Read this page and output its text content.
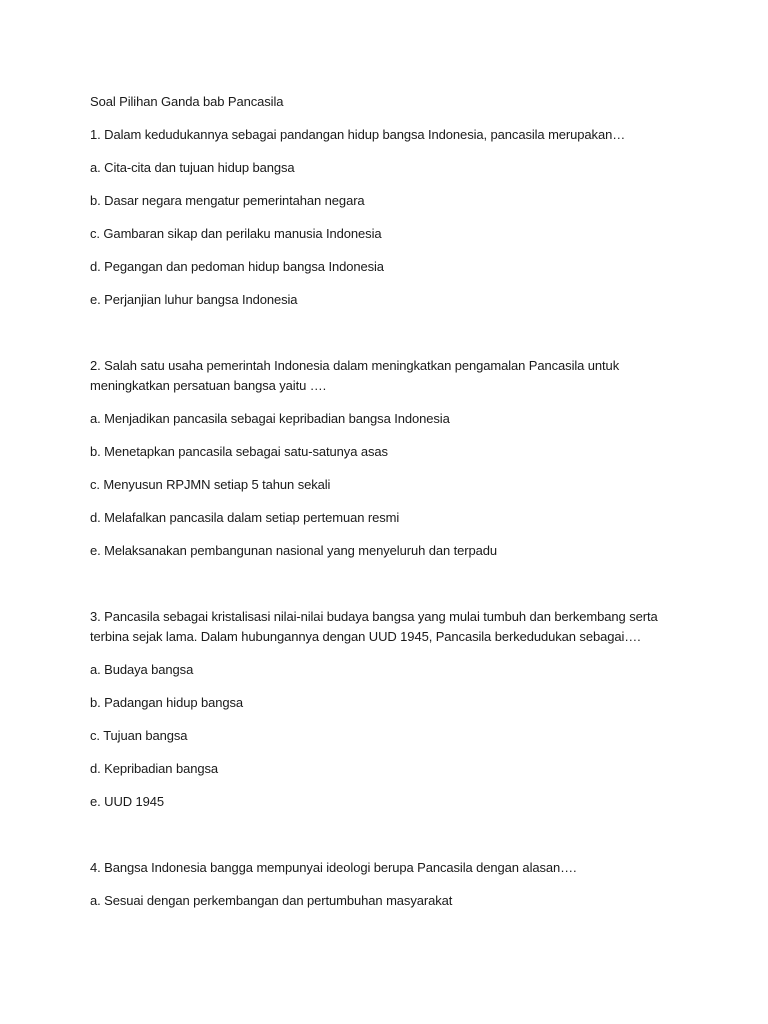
Soal Pilihan Ganda bab Pancasila

1. Dalam kedudukannya sebagai pandangan hidup bangsa Indonesia, pancasila merupakan…

a. Cita-cita dan tujuan hidup bangsa

b. Dasar negara mengatur pemerintahan negara

c. Gambaran sikap dan perilaku manusia Indonesia

d. Pegangan dan pedoman hidup bangsa Indonesia

e. Perjanjian luhur bangsa Indonesia

2. Salah satu usaha pemerintah Indonesia dalam meningkatkan pengamalan Pancasila untuk meningkatkan persatuan bangsa yaitu ….

a. Menjadikan pancasila sebagai kepribadian bangsa Indonesia

b. Menetapkan pancasila sebagai satu-satunya asas

c. Menyusun RPJMN setiap 5 tahun sekali

d. Melafalkan pancasila dalam setiap pertemuan resmi

e. Melaksanakan pembangunan nasional yang menyeluruh dan terpadu

3. Pancasila sebagai kristalisasi nilai-nilai budaya bangsa yang mulai tumbuh dan berkembang serta terbina sejak lama. Dalam hubungannya dengan UUD 1945, Pancasila berkedudukan sebagai….

a. Budaya bangsa

b. Padangan hidup bangsa

c. Tujuan bangsa

d. Kepribadian bangsa

e. UUD 1945

4. Bangsa Indonesia bangga mempunyai ideologi berupa Pancasila dengan alasan….

a. Sesuai dengan perkembangan dan pertumbuhan masyarakat
